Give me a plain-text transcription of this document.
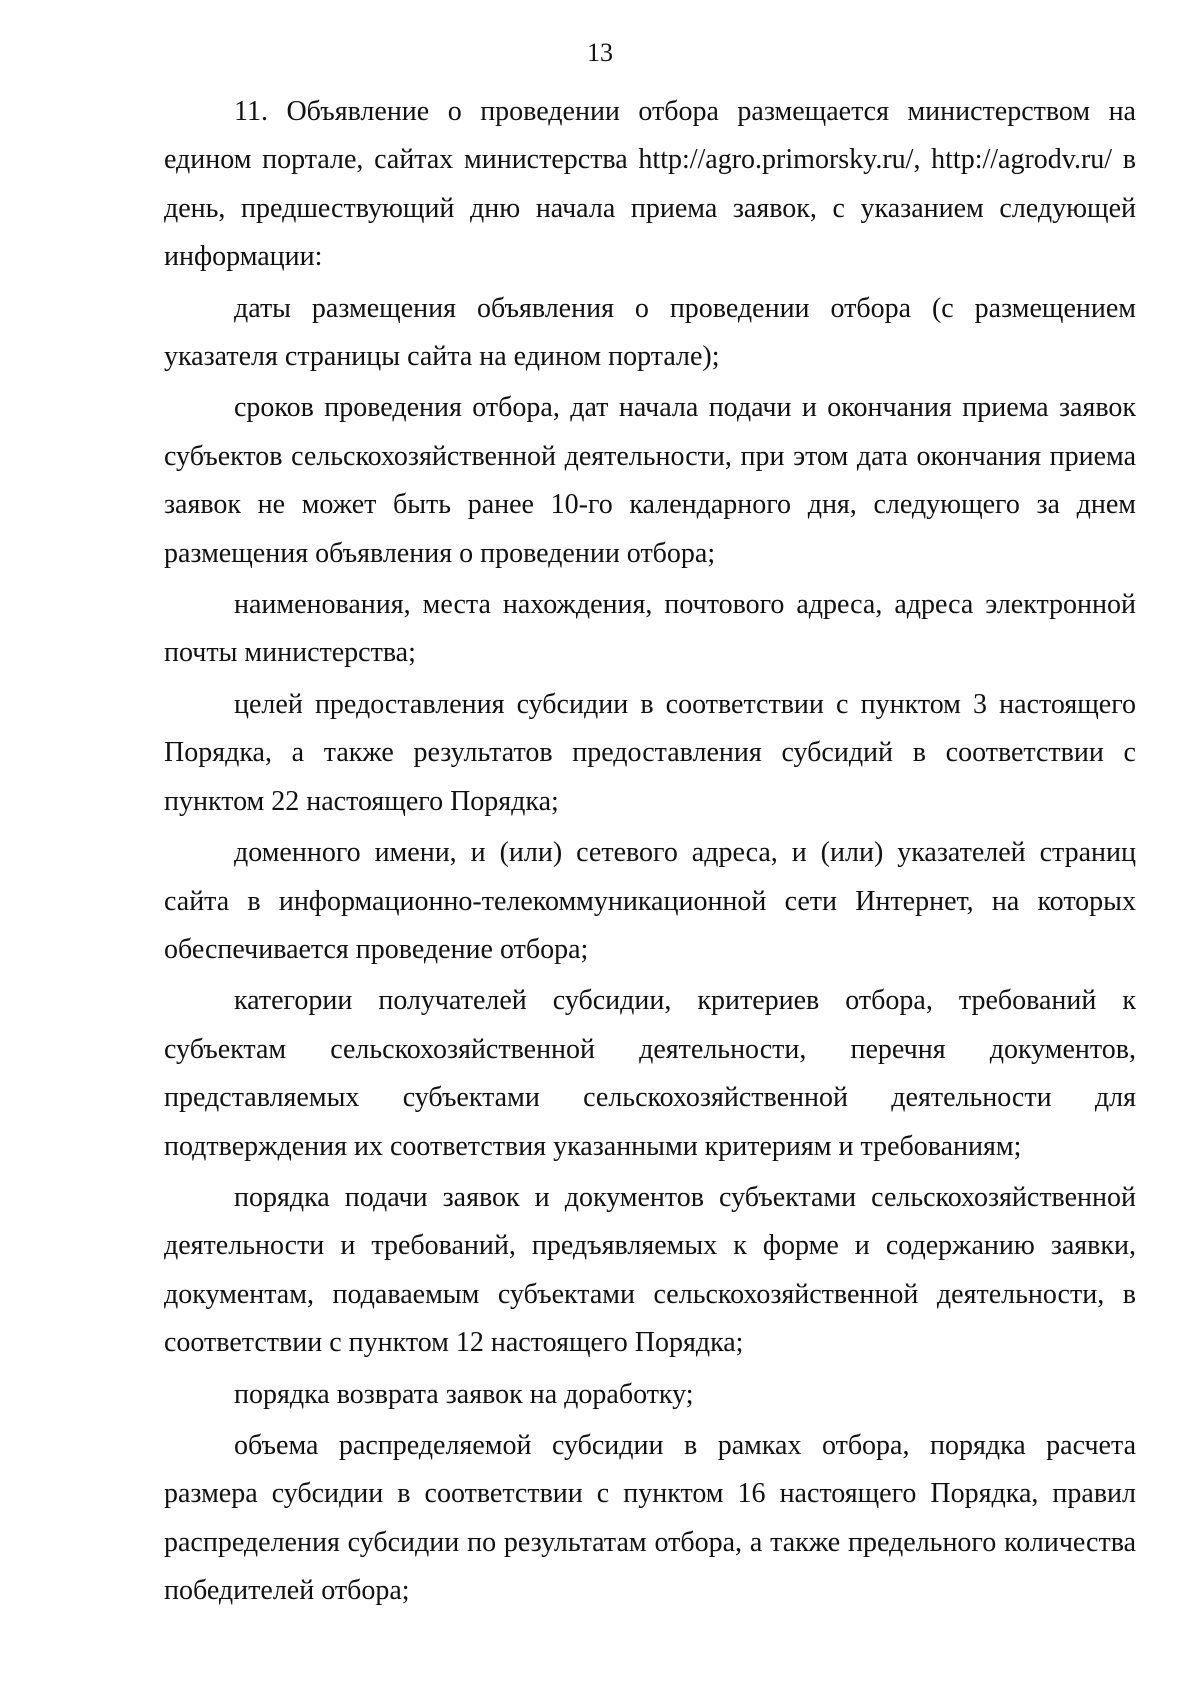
13

11. Объявление о проведении отбора размещается министерством на едином портале, сайтах министерства http://agro.primorsky.ru/, http://agrodv.ru/ в день, предшествующий дню начала приема заявок, с указанием следующей информации:

даты размещения объявления о проведении отбора (с размещением указателя страницы сайта на едином портале);

сроков проведения отбора, дат начала подачи и окончания приема заявок субъектов сельскохозяйственной деятельности, при этом дата окончания приема заявок не может быть ранее 10-го календарного дня, следующего за днем размещения объявления о проведении отбора;

наименования, места нахождения, почтового адреса, адреса электронной почты министерства;

целей предоставления субсидии в соответствии с пунктом 3 настоящего Порядка, а также результатов предоставления субсидий в соответствии с пунктом 22 настоящего Порядка;

доменного имени, и (или) сетевого адреса, и (или) указателей страниц сайта в информационно-телекоммуникационной сети Интернет, на которых обеспечивается проведение отбора;

категории получателей субсидии, критериев отбора, требований к субъектам сельскохозяйственной деятельности, перечня документов, представляемых субъектами сельскохозяйственной деятельности для подтверждения их соответствия указанными критериям и требованиям;

порядка подачи заявок и документов субъектами сельскохозяйственной деятельности и требований, предъявляемых к форме и содержанию заявки, документам, подаваемым субъектами сельскохозяйственной деятельности, в соответствии с пунктом 12 настоящего Порядка;

порядка возврата заявок на доработку;

объема распределяемой субсидии в рамках отбора, порядка расчета размера субсидии в соответствии с пунктом 16 настоящего Порядка, правил распределения субсидии по результатам отбора, а также предельного количества победителей отбора;
